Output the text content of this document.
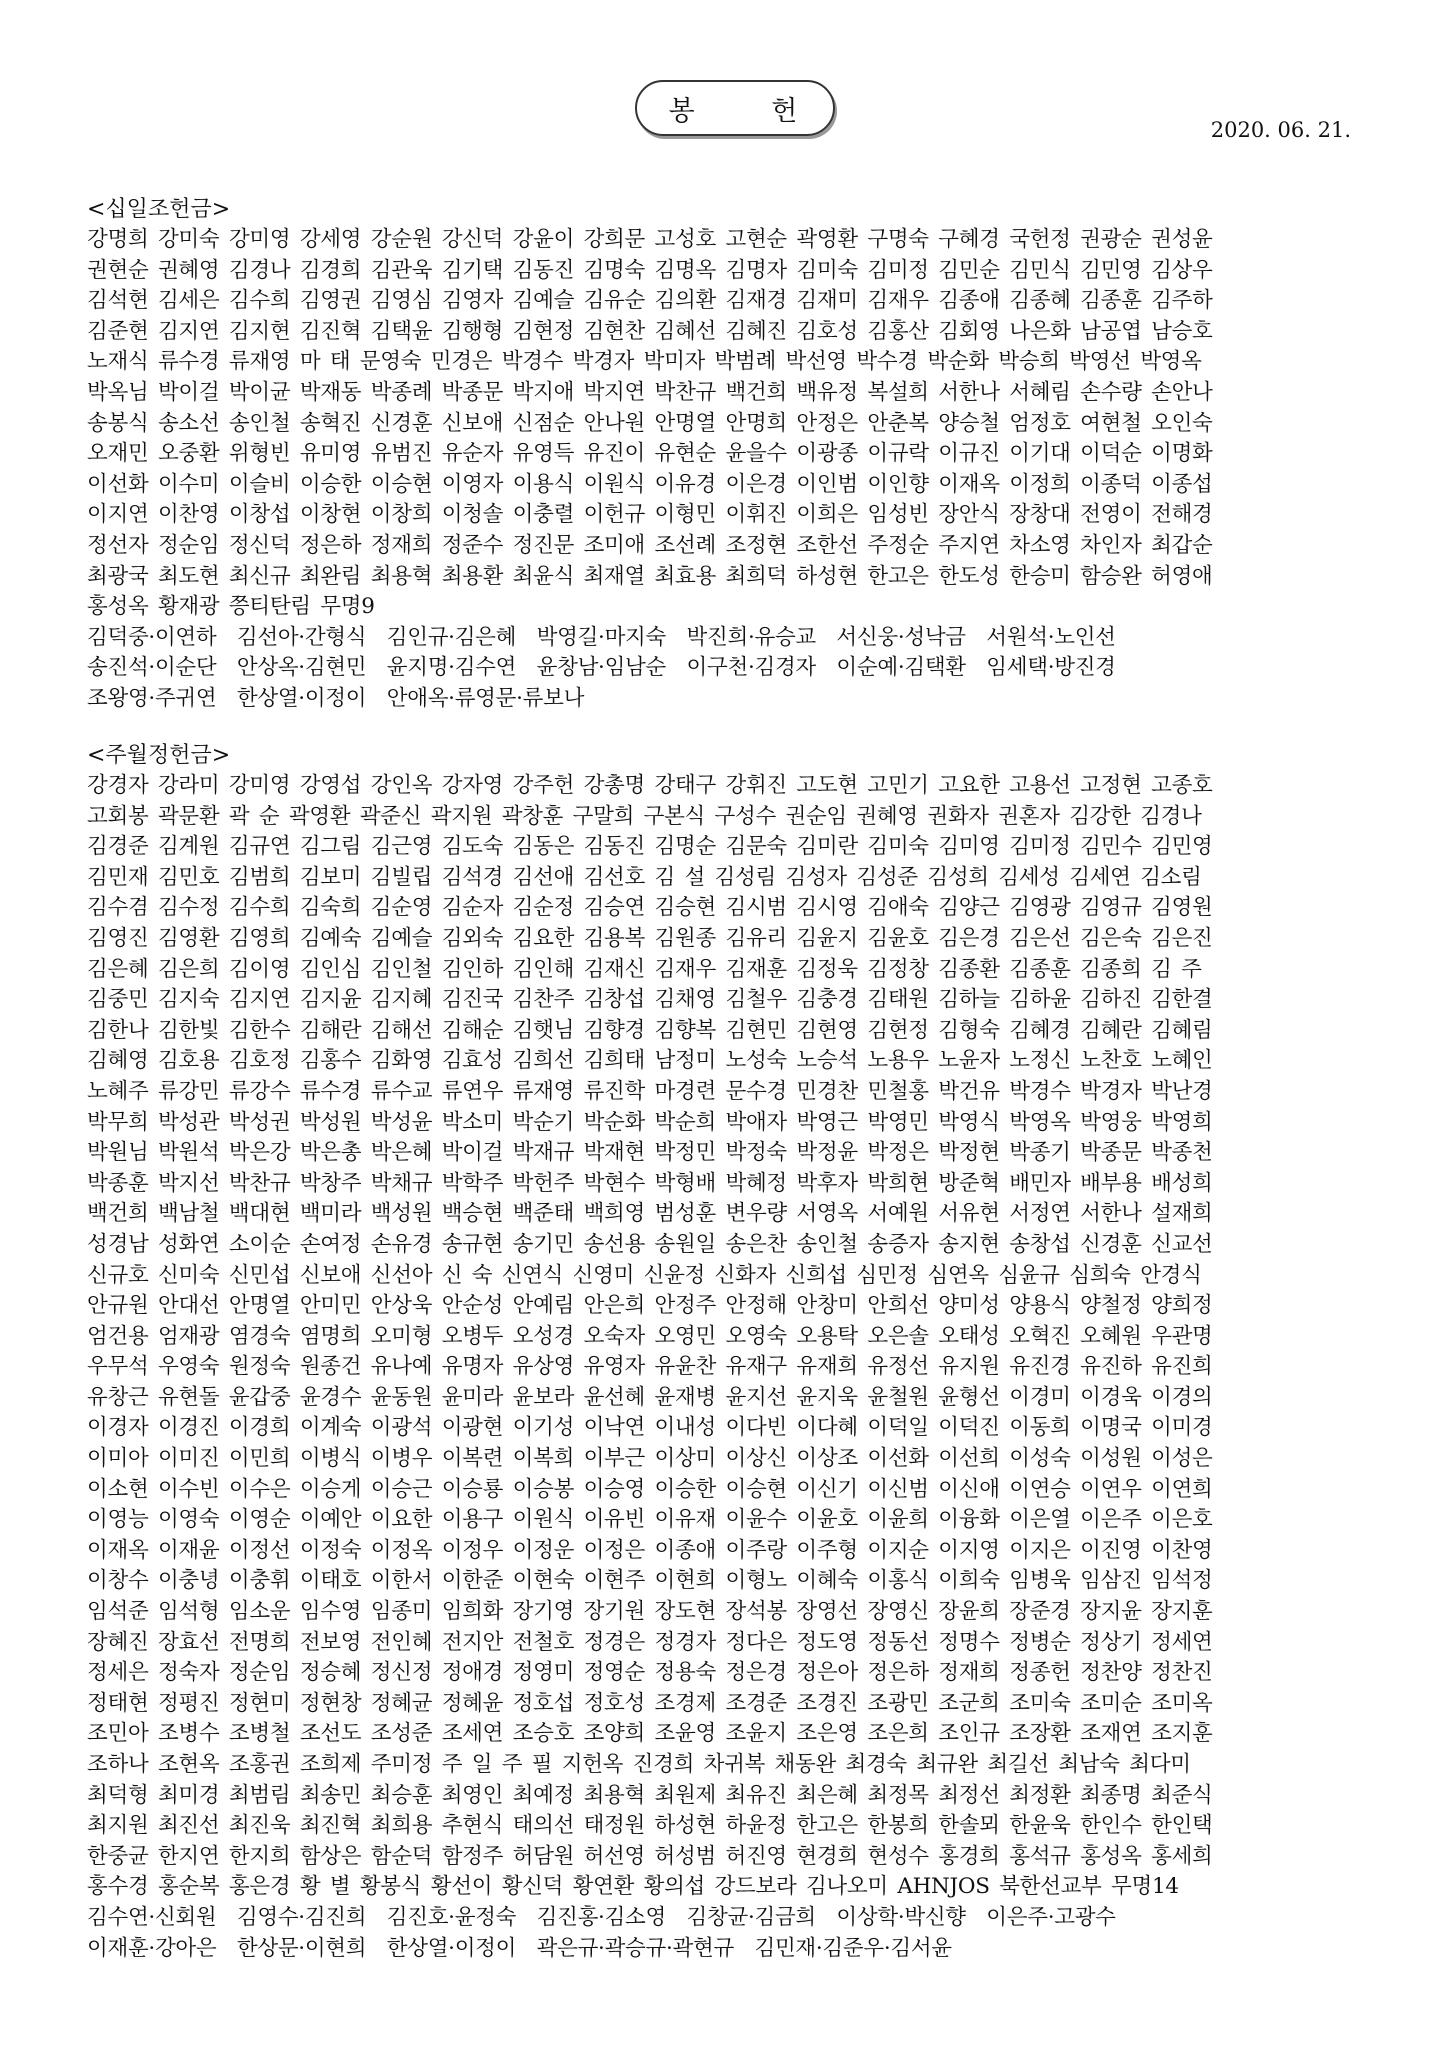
봉 헌
2020. 06. 21.
<십일조헌금>
강명희 강미숙 강미영 강세영 강순원 강신덕 강윤이 강희문 고성호 고현순 곽영환 구명숙 구혜경 국헌정 권광순 권성윤
권현순 권혜영 김경나 김경희 김관욱 김기택 김동진 김명숙 김명옥 김명자 김미숙 김미정 김민순 김민식 김민영 김상우
김석현 김세은 김수희 김영권 김영심 김영자 김예슬 김유순 김의환 김재경 김재미 김재우 김종애 김종혜 김종훈 김주하
김준현 김지연 김지현 김진혁 김택윤 김행형 김현정 김현찬 김혜선 김혜진 김호성 김홍산 김회영 나은화 남공엽 남승호
노재식 류수경 류재영 마 태 문영숙 민경은 박경수 박경자 박미자 박범례 박선영 박수경 박순화 박승희 박영선 박영옥
박옥님 박이걸 박이균 박재동 박종례 박종문 박지애 박지연 박찬규 백건희 백유정 복설희 서한나 서혜림 손수량 손안나
송봉식 송소선 송인철 송혁진 신경훈 신보애 신점순 안나원 안명열 안명희 안정은 안춘복 양승철 엄정호 여현철 오인숙
오재민 오중환 위형빈 유미영 유범진 유순자 유영득 유진이 유현순 윤을수 이광종 이규락 이규진 이기대 이덕순 이명화
이선화 이수미 이슬비 이승한 이승현 이영자 이용식 이원식 이유경 이은경 이인범 이인향 이재옥 이정희 이종덕 이종섭
이지연 이찬영 이창섭 이창현 이창희 이청솔 이충렬 이헌규 이형민 이휘진 이희은 임성빈 장안식 장창대 전영이 전해경
정선자 정순임 정신덕 정은하 정재희 정준수 정진문 조미애 조선례 조정현 조한선 주정순 주지연 차소영 차인자 최갑순
최광국 최도현 최신규 최완림 최용혁 최용환 최윤식 최재열 최효용 최희덕 하성현 한고은 한도성 한승미 함승완 허영애
홍성옥 황재광 쯩티탄림 무명9
김덕중·이연하 김선아·간형식 김인규·김은혜 박영길·마지숙 박진희·유승교 서신웅·성낙금 서원석·노인선
송진석·이순단 안상옥·김현민 윤지명·김수연 윤창남·임남순 이구천·김경자 이순예·김택환 임세택·방진경
조왕영·주귀연 한상열·이정이 안애옥·류영문·류보나
<주월정헌금>
강경자 강라미 강미영 강영섭 강인옥 강자영 강주헌 강총명 강태구 강휘진 고도현 고민기 고요한 고용선 고정현 고종호
고회봉 곽문환 곽 순 곽영환 곽준신 곽지원 곽창훈 구말희 구본식 구성수 권순임 권혜영 권화자 권혼자 김강한 김경나
김경준 김계원 김규연 김그림 김근영 김도숙 김동은 김동진 김명순 김문숙 김미란 김미숙 김미영 김미정 김민수 김민영
김민재 김민호 김범희 김보미 김빌립 김석경 김선애 김선호 김 설 김성림 김성자 김성준 김성희 김세성 김세연 김소림
김수겸 김수정 김수희 김숙희 김순영 김순자 김순정 김승연 김승현 김시범 김시영 김애숙 김양근 김영광 김영규 김영원
김영진 김영환 김영희 김예숙 김예슬 김외숙 김요한 김용복 김원종 김유리 김윤지 김윤호 김은경 김은선 김은숙 김은진
김은혜 김은희 김이영 김인심 김인철 김인하 김인해 김재신 김재우 김재훈 김정욱 김정창 김종환 김종훈 김종희 김 주
김중민 김지숙 김지연 김지윤 김지혜 김진국 김찬주 김창섭 김채영 김철우 김충경 김태원 김하늘 김하윤 김하진 김한결
김한나 김한빛 김한수 김해란 김해선 김해순 김햇님 김향경 김향복 김현민 김현영 김현정 김형숙 김혜경 김혜란 김혜림
김혜영 김호용 김호정 김홍수 김화영 김효성 김희선 김희태 남정미 노성숙 노승석 노용우 노윤자 노정신 노찬호 노혜인
노혜주 류강민 류강수 류수경 류수교 류연우 류재영 류진학 마경련 문수경 민경찬 민철홍 박건유 박경수 박경자 박난경
박무희 박성관 박성권 박성원 박성윤 박소미 박순기 박순화 박순희 박애자 박영근 박영민 박영식 박영옥 박영웅 박영희
박원님 박원석 박은강 박은총 박은혜 박이걸 박재규 박재현 박정민 박정숙 박정윤 박정은 박정현 박종기 박종문 박종천
박종훈 박지선 박찬규 박창주 박채규 박학주 박헌주 박현수 박형배 박혜정 박후자 박희현 방준혁 배민자 배부용 배성희
백건희 백남철 백대현 백미라 백성원 백승현 백준태 백희영 범성훈 변우량 서영옥 서예원 서유현 서정연 서한나 설재희
성경남 성화연 소이순 손여정 손유경 송규현 송기민 송선용 송원일 송은찬 송인철 송증자 송지현 송창섭 신경훈 신교선
신규호 신미숙 신민섭 신보애 신선아 신 숙 신연식 신영미 신윤정 신화자 신희섭 심민정 심연옥 심윤규 심희숙 안경식
안규원 안대선 안명열 안미민 안상욱 안순성 안예림 안은희 안정주 안정해 안창미 안희선 양미성 양용식 양철정 양희정
엄건용 엄재광 염경숙 염명희 오미형 오병두 오성경 오숙자 오영민 오영숙 오용탁 오은솔 오태성 오혁진 오혜원 우관명
우무석 우영숙 원정숙 원종건 유나예 유명자 유상영 유영자 유윤찬 유재구 유재희 유정선 유지원 유진경 유진하 유진희
유창근 유현돌 윤갑중 윤경수 윤동원 윤미라 윤보라 윤선혜 윤재병 윤지선 윤지욱 윤철원 윤형선 이경미 이경욱 이경의
이경자 이경진 이경희 이계숙 이광석 이광현 이기성 이낙연 이내성 이다빈 이다혜 이덕일 이덕진 이동희 이명국 이미경
이미아 이미진 이민희 이병식 이병우 이복련 이복희 이부근 이상미 이상신 이상조 이선화 이선희 이성숙 이성원 이성은
이소현 이수빈 이수은 이승게 이승근 이승룡 이승봉 이승영 이승한 이승현 이신기 이신범 이신애 이연승 이연우 이연희
이영능 이영숙 이영순 이예안 이요한 이용구 이원식 이유빈 이유재 이윤수 이윤호 이윤희 이융화 이은열 이은주 이은호
이재옥 이재윤 이정선 이정숙 이정옥 이정우 이정운 이정은 이종애 이주랑 이주형 이지순 이지영 이지은 이진영 이찬영
이창수 이충녕 이충휘 이태호 이한서 이한준 이현숙 이현주 이현희 이형노 이혜숙 이홍식 이희숙 임병욱 임삼진 임석정
임석준 임석형 임소운 임수영 임종미 임희화 장기영 장기원 장도현 장석봉 장영선 장영신 장윤희 장준경 장지윤 장지훈
장혜진 장효선 전명희 전보영 전인혜 전지안 전철호 정경은 정경자 정다은 정도영 정동선 정명수 정병순 정상기 정세연
정세은 정숙자 정순임 정승혜 정신정 정애경 정영미 정영순 정용숙 정은경 정은아 정은하 정재희 정종헌 정찬양 정찬진
정태현 정평진 정현미 정현창 정혜균 정혜윤 정호섭 정호성 조경제 조경준 조경진 조광민 조군희 조미숙 조미순 조미옥
조민아 조병수 조병철 조선도 조성준 조세연 조승호 조양희 조윤영 조윤지 조은영 조은희 조인규 조장환 조재연 조지훈
조하나 조현옥 조홍권 조희제 주미정 주 일 주 필 지헌옥 진경희 차귀복 채동완 최경숙 최규완 최길선 최남숙 최다미
최덕형 최미경 최범림 최송민 최승훈 최영인 최예정 최용혁 최원제 최유진 최은혜 최정목 최정선 최정환 최종명 최준식
최지원 최진선 최진욱 최진혁 최희용 추현식 태의선 태정원 하성현 하윤정 한고은 한봉희 한솔뫼 한윤욱 한인수 한인택
한중균 한지연 한지희 함상은 함순덕 함정주 허담원 허선영 허성범 허진영 현경희 현성수 홍경희 홍석규 홍성옥 홍세희
홍수경 홍순복 홍은경 황 별 황봉식 황선이 황신덕 황연환 황의섭 강드보라 김나오미 AHNJOS 북한선교부 무명14
김수연·신회원 김영수·김진희 김진호·윤정숙 김진홍·김소영 김창균·김금희 이상학·박신향 이은주·고광수
이재훈·강아은 한상문·이현희 한상열·이정이 곽은규·곽승규·곽현규 김민재·김준우·김서윤
